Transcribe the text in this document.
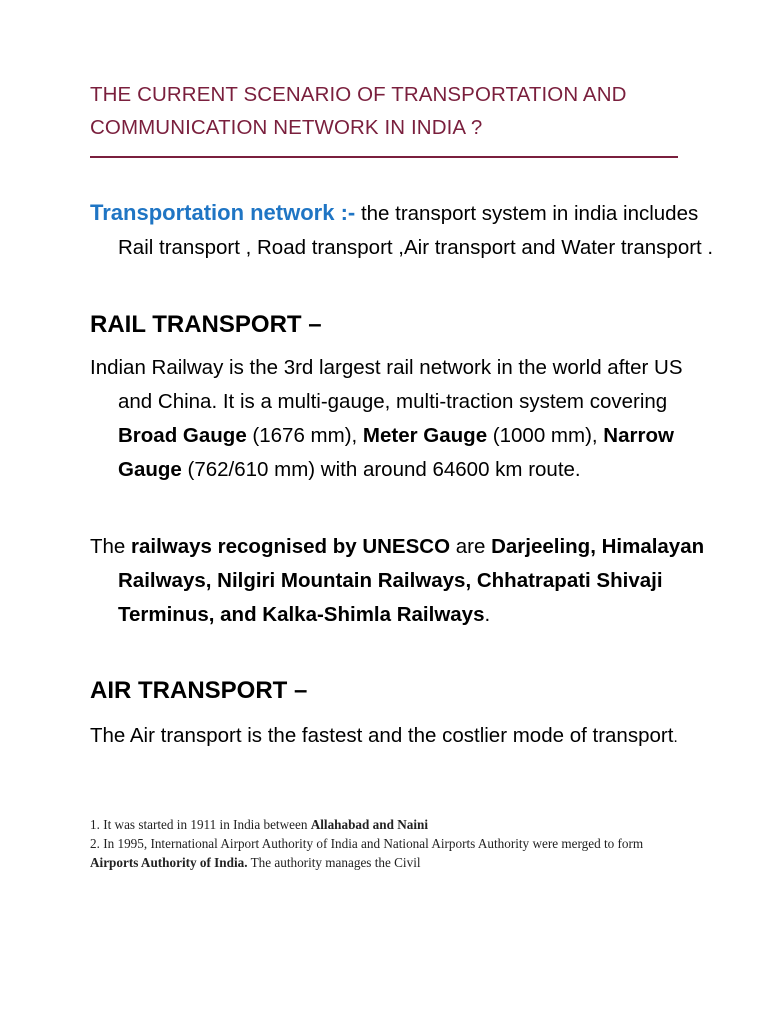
THE CURRENT SCENARIO OF TRANSPORTATION AND COMMUNICATION NETWORK IN INDIA ?

Transportation network :- the transport system in india includes Rail transport , Road transport ,Air transport and Water transport .

RAIL TRANSPORT –

Indian Railway is the 3rd largest rail network in the world after US and China. It is a multi-gauge, multi-traction system covering Broad Gauge (1676 mm), Meter Gauge (1000 mm), Narrow Gauge (762/610 mm) with around 64600 km route.

The railways recognised by UNESCO are Darjeeling, Himalayan Railways, Nilgiri Mountain Railways, Chhatrapati Shivaji Terminus, and Kalka-Shimla Railways.

AIR TRANSPORT –

The Air transport is the fastest and the costlier mode of transport.

1. It was started in 1911 in India between Allahabad and Naini

2. In 1995, International Airport Authority of India and National Airports Authority were merged to form Airports Authority of India. The authority manages the Civil
